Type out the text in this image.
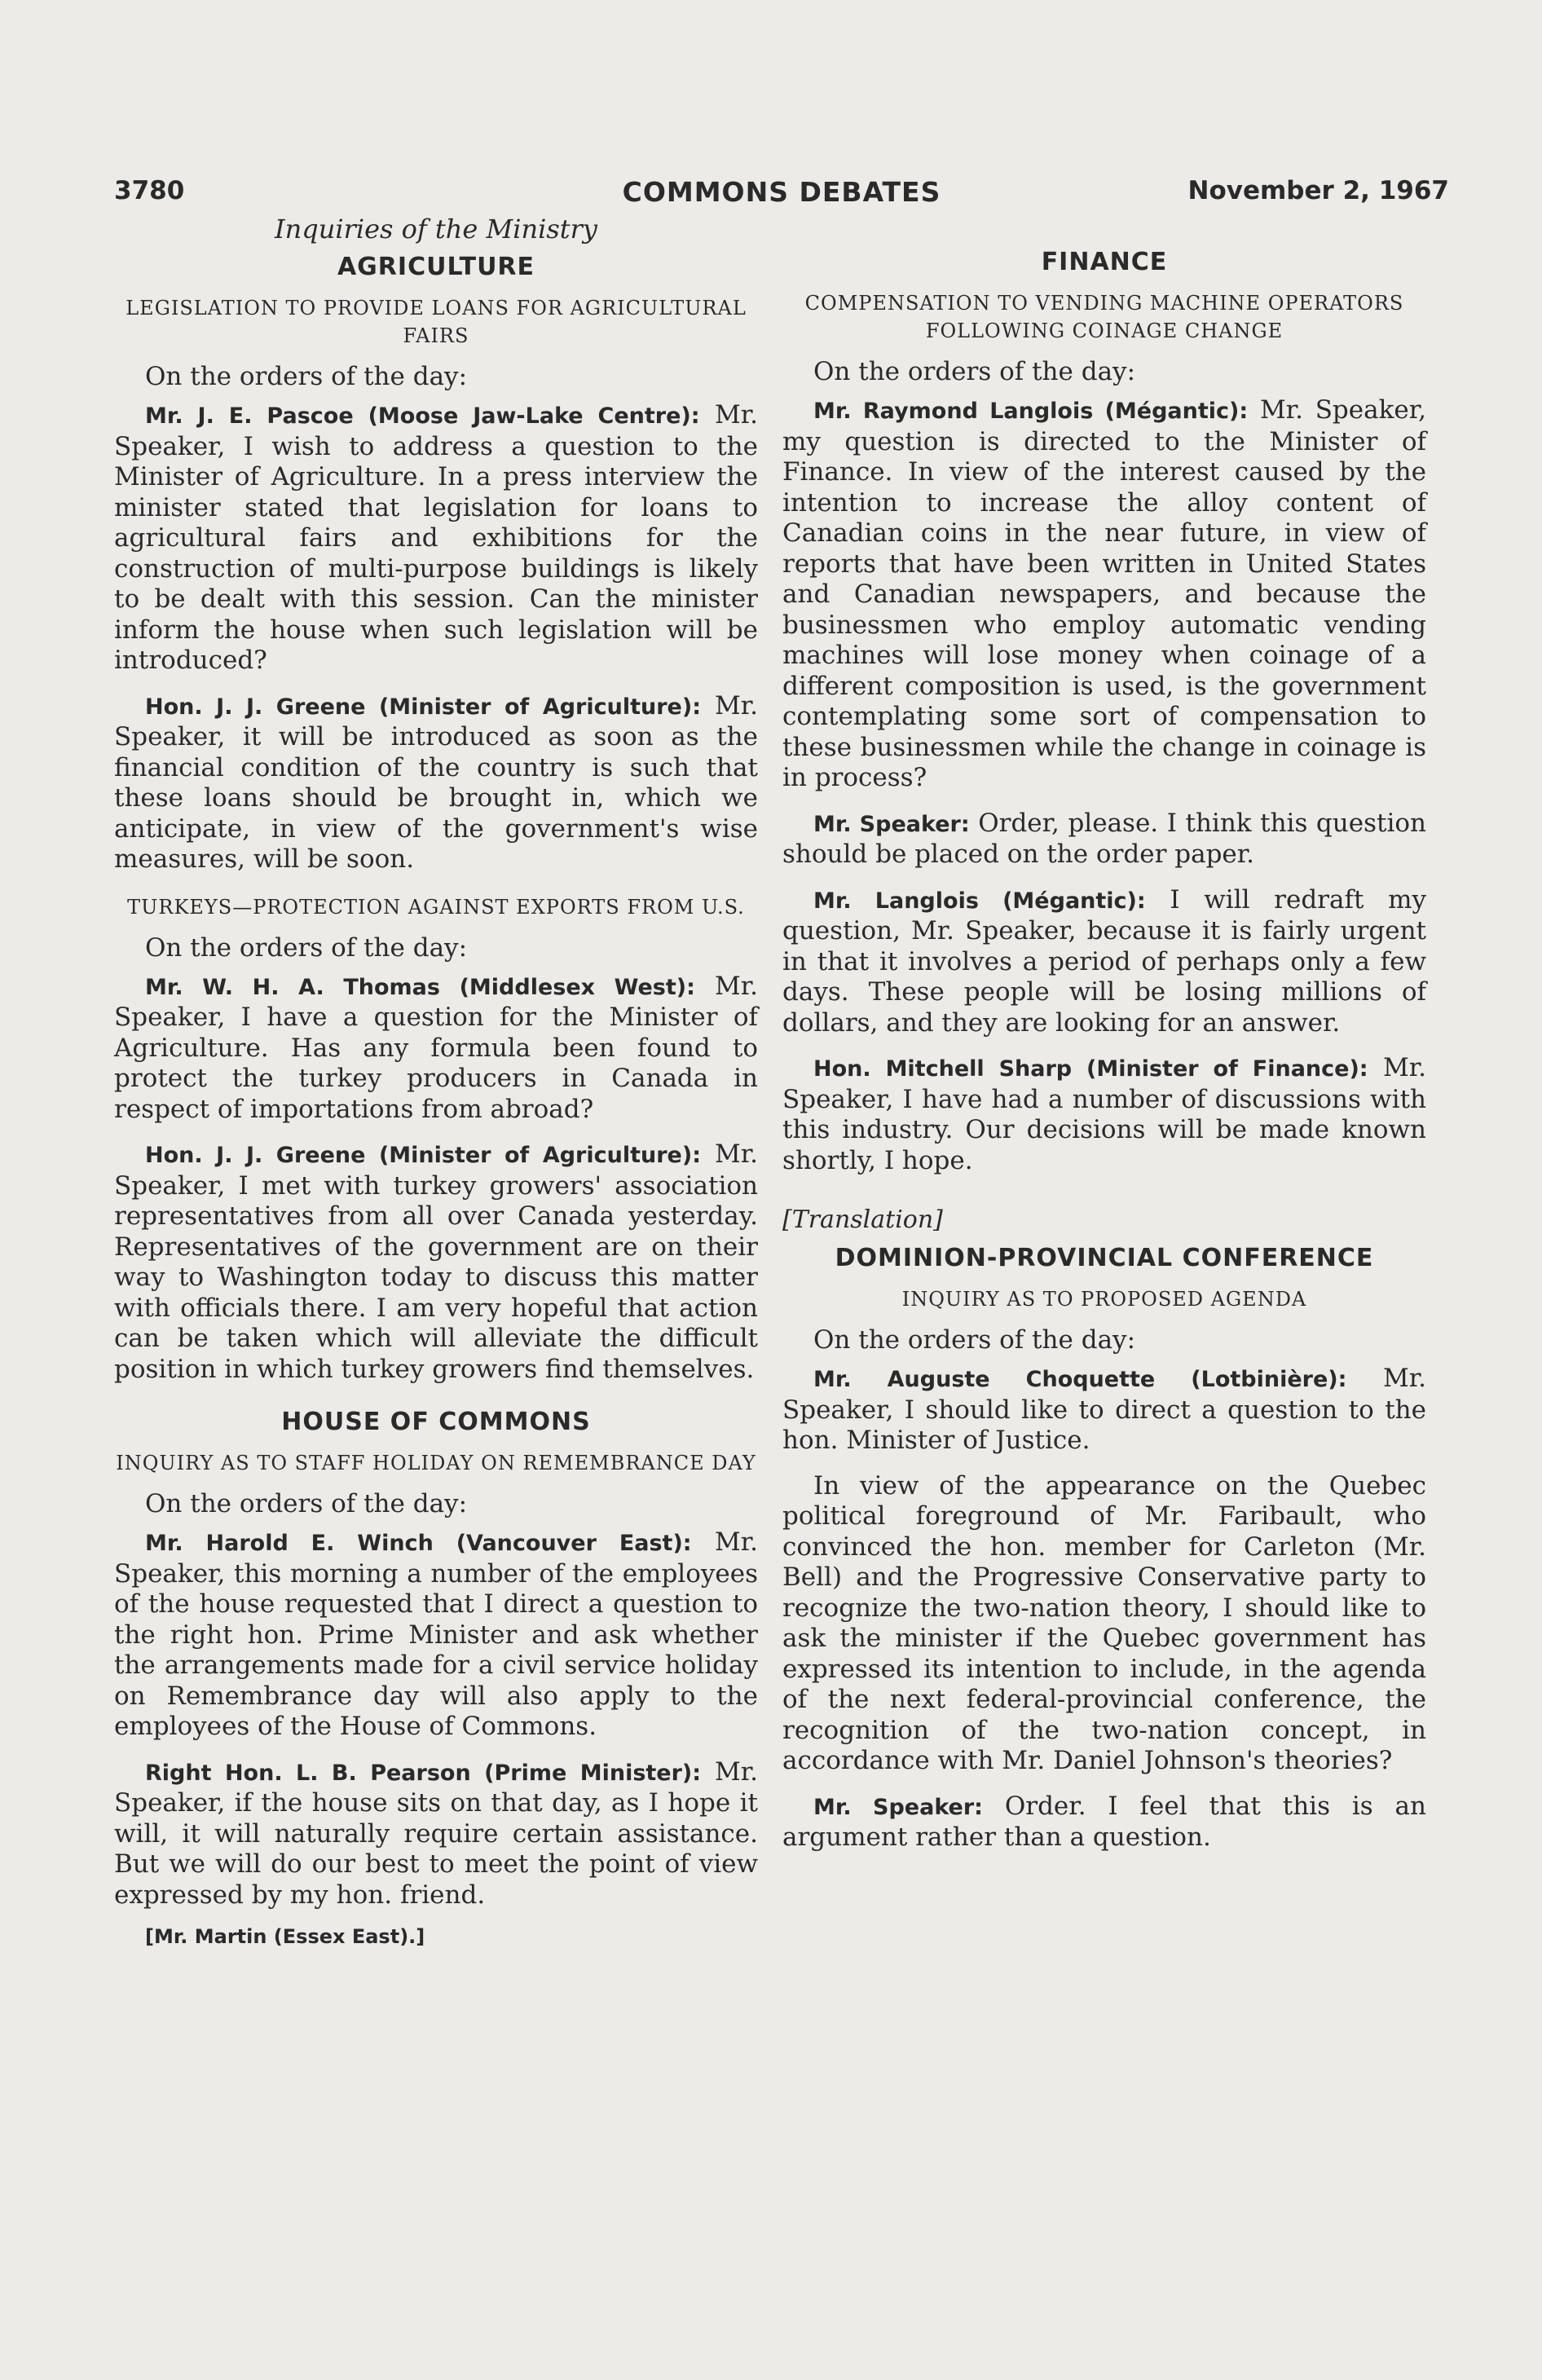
3780	COMMONS DEBATES	November 2, 1967
Inquiries of the Ministry
AGRICULTURE
LEGISLATION TO PROVIDE LOANS FOR AGRICULTURAL FAIRS
On the orders of the day:

Mr. J. E. Pascoe (Moose Jaw-Lake Centre): Mr. Speaker, I wish to address a question to the Minister of Agriculture. In a press interview the minister stated that legislation for loans to agricultural fairs and exhibitions for the construction of multi-purpose buildings is likely to be dealt with this session. Can the minister inform the house when such legislation will be introduced?

Hon. J. J. Greene (Minister of Agriculture): Mr. Speaker, it will be introduced as soon as the financial condition of the country is such that these loans should be brought in, which we anticipate, in view of the government's wise measures, will be soon.

TURKEYS—PROTECTION AGAINST EXPORTS FROM U.S.
On the orders of the day:

Mr. W. H. A. Thomas (Middlesex West): Mr. Speaker, I have a question for the Minister of Agriculture. Has any formula been found to protect the turkey producers in Canada in respect of importations from abroad?

Hon. J. J. Greene (Minister of Agriculture): Mr. Speaker, I met with turkey growers' association representatives from all over Canada yesterday. Representatives of the government are on their way to Washington today to discuss this matter with officials there. I am very hopeful that action can be taken which will alleviate the difficult position in which turkey growers find themselves.

HOUSE OF COMMONS
INQUIRY AS TO STAFF HOLIDAY ON REMEMBRANCE DAY
On the orders of the day:

Mr. Harold E. Winch (Vancouver East): Mr. Speaker, this morning a number of the employees of the house requested that I direct a question to the right hon. Prime Minister and ask whether the arrangements made for a civil service holiday on Remembrance day will also apply to the employees of the House of Commons.

Right Hon. L. B. Pearson (Prime Minister): Mr. Speaker, if the house sits on that day, as I hope it will, it will naturally require certain assistance. But we will do our best to meet the point of view expressed by my hon. friend.

[Mr. Martin (Essex East).]
FINANCE
COMPENSATION TO VENDING MACHINE OPERATORS FOLLOWING COINAGE CHANGE
On the orders of the day:

Mr. Raymond Langlois (Mégantic): Mr. Speaker, my question is directed to the Minister of Finance. In view of the interest caused by the intention to increase the alloy content of Canadian coins in the near future, in view of reports that have been written in United States and Canadian newspapers, and because the businessmen who employ automatic vending machines will lose money when coinage of a different composition is used, is the government contemplating some sort of compensation to these businessmen while the change in coinage is in process?

Mr. Speaker: Order, please. I think this question should be placed on the order paper.

Mr. Langlois (Mégantic): I will redraft my question, Mr. Speaker, because it is fairly urgent in that it involves a period of perhaps only a few days. These people will be losing millions of dollars, and they are looking for an answer.

Hon. Mitchell Sharp (Minister of Finance): Mr. Speaker, I have had a number of discussions with this industry. Our decisions will be made known shortly, I hope.

[Translation]
DOMINION-PROVINCIAL CONFERENCE
INQUIRY AS TO PROPOSED AGENDA
On the orders of the day:

Mr. Auguste Choquette (Lotbinière): Mr. Speaker, I should like to direct a question to the hon. Minister of Justice.

In view of the appearance on the Quebec political foreground of Mr. Faribault, who convinced the hon. member for Carleton (Mr. Bell) and the Progressive Conservative party to recognize the two-nation theory, I should like to ask the minister if the Quebec government has expressed its intention to include, in the agenda of the next federal-provincial conference, the recognition of the two-nation concept, in accordance with Mr. Daniel Johnson's theories?

Mr. Speaker: Order. I feel that this is an argument rather than a question.
